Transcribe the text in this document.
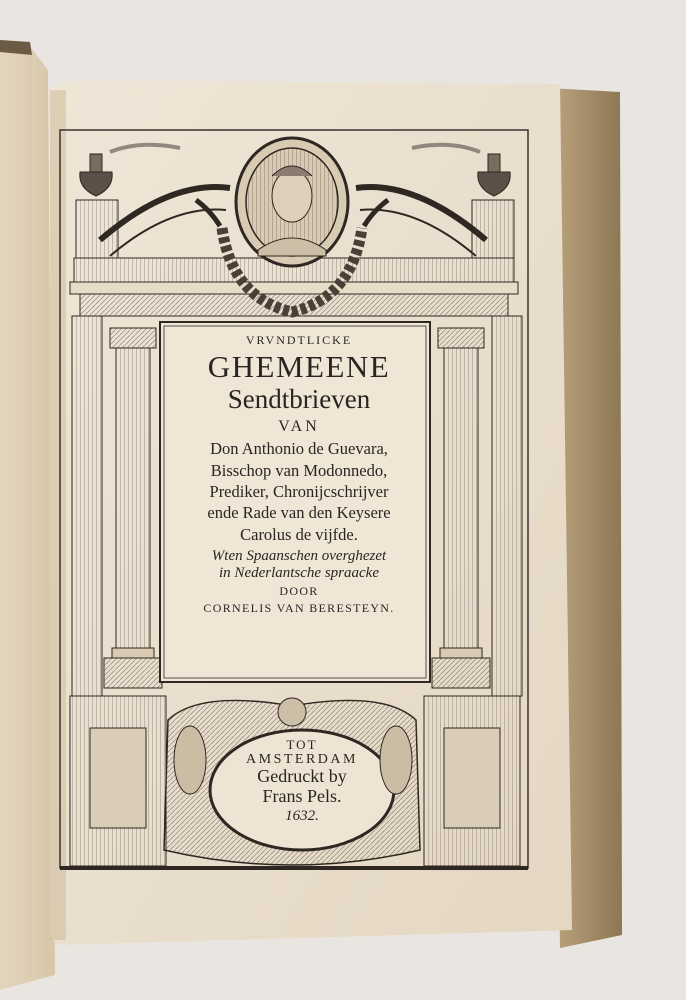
VRVNDTLICKE
GHEMEENE
Sendtbrieven
VAN
Don Anthonio de Guevara,
Bisschop van Modonnedo,
Prediker, Chronijcschrijver
ende Rade van den Keysere
Carolus de vijfde.
Wten Spaanschen overghezet
in Nederlantsche spraacke
DOOR
CORNELIS VAN BERESTEYN.
TOT
AMSTERDAM
Gedruckt by
Frans Pels.
1632.
